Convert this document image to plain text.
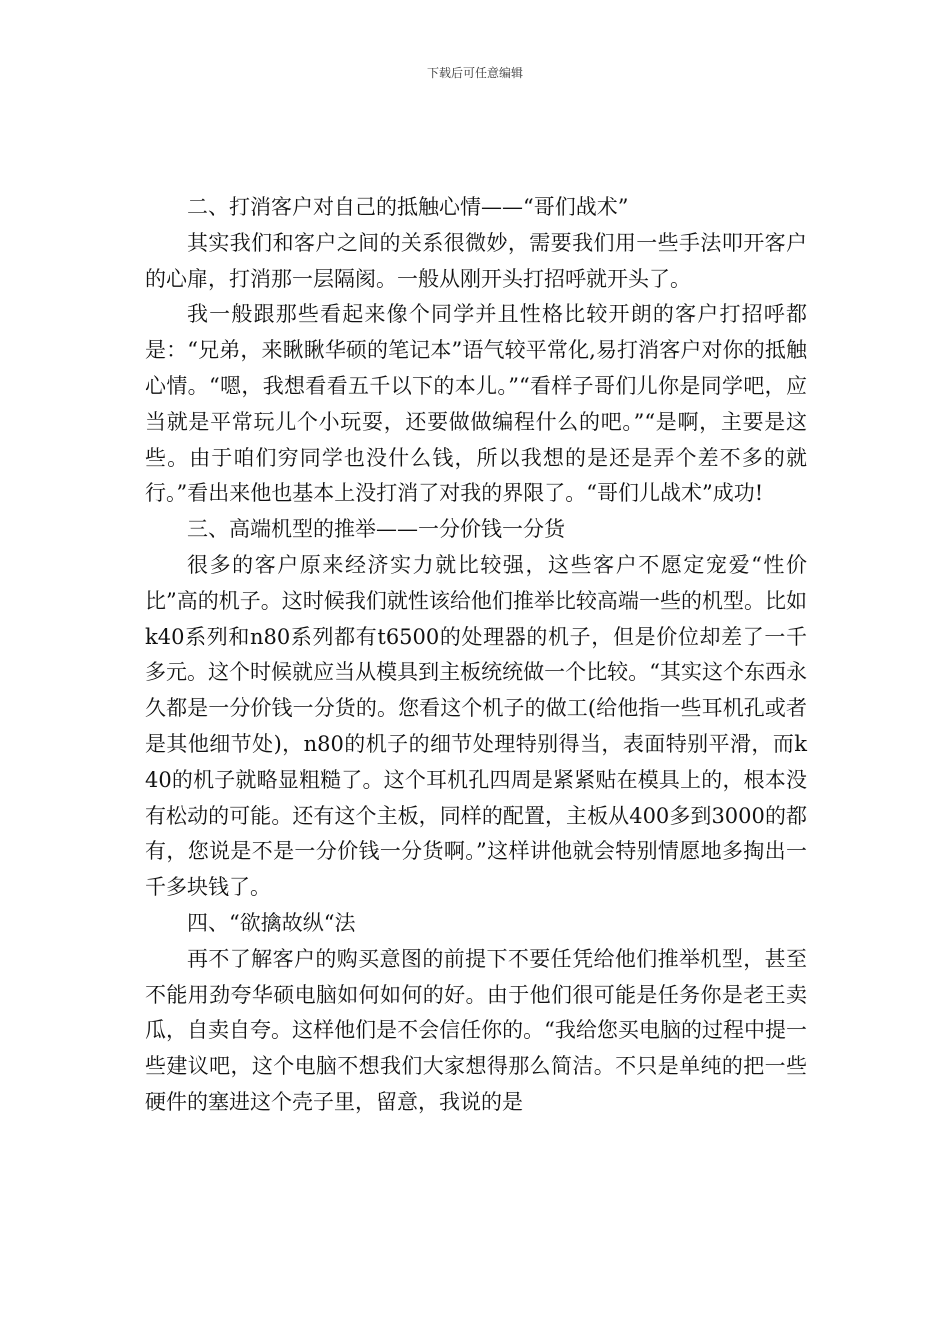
下载后可任意编辑

二、打消客户对自己的抵触心情——“哥们战术”

其实我们和客户之间的关系很微妙，需要我们用一些手法叩开客户的心扉，打消那一层隔阂。一般从刚开头打招呼就开头了。

我一般跟那些看起来像个同学并且性格比较开朗的客户打招呼都是：“兄弟，来瞅瞅华硕的笔记本”语气较平常化,易打消客户对你的抵触心情。“嗯，我想看看五千以下的本儿。”“看样子哥们儿你是同学吧，应当就是平常玩儿个小玩耍，还要做做编程什么的吧。”“是啊，主要是这些。由于咱们穷同学也没什么钱，所以我想的是还是弄个差不多的就行。”看出来他也基本上没打消了对我的界限了。“哥们儿战术”成功!

三、高端机型的推举——一分价钱一分货

很多的客户原来经济实力就比较强，这些客户不愿定宠爱“性价比”高的机子。这时候我们就性该给他们推举比较高端一些的机型。比如k40系列和n80系列都有t6500的处理器的机子，但是价位却差了一千多元。这个时候就应当从模具到主板统统做一个比较。“其实这个东西永久都是一分价钱一分货的。您看这个机子的做工(给他指一些耳机孔或者是其他细节处)，n80的机子的细节处理特别得当，表面特别平滑，而k40的机子就略显粗糙了。这个耳机孔四周是紧紧贴在模具上的，根本没有松动的可能。还有这个主板，同样的配置，主板从400多到3000的都有，您说是不是一分价钱一分货啊。”这样讲他就会特别情愿地多掏出一千多块钱了。

四、“欲擒故纵“法

再不了解客户的购买意图的前提下不要任凭给他们推举机型，甚至不能用劲夸华硕电脑如何如何的好。由于他们很可能是任务你是老王卖瓜，自卖自夸。这样他们是不会信任你的。“我给您买电脑的过程中提一些建议吧，这个电脑不想我们大家想得那么简洁。不只是单纯的把一些硬件的塞进这个壳子里，留意，我说的是
